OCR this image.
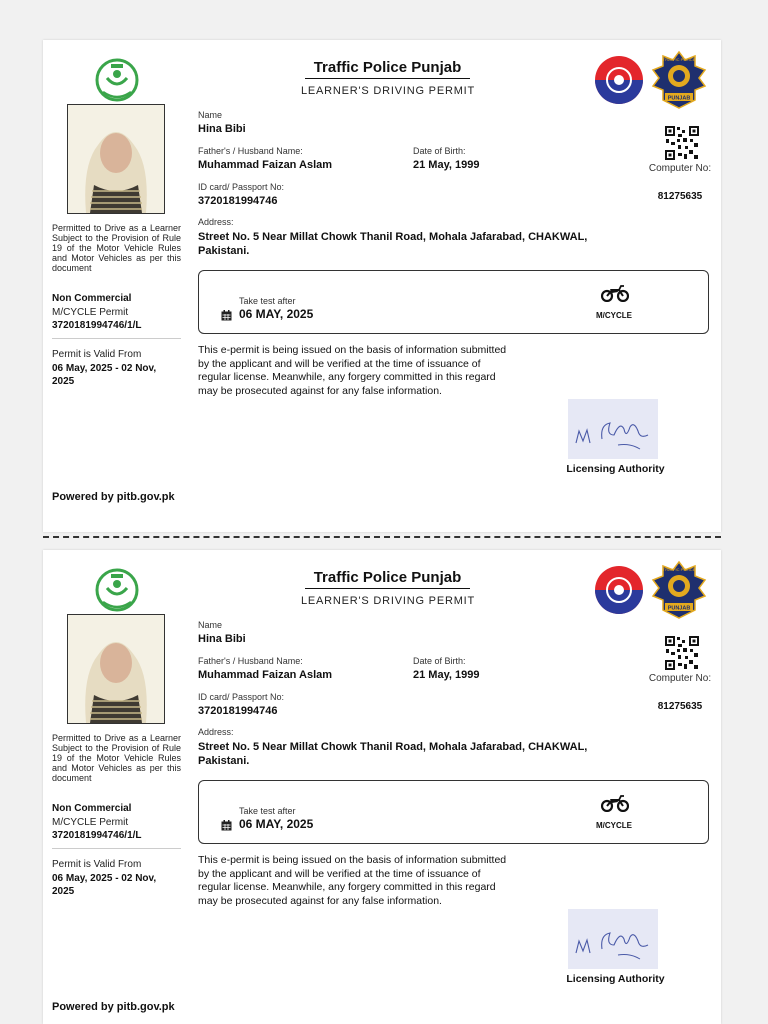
Permitted to Drive as a Learner Subject to the Provision of Rule 19 of the Motor Vehicle Rules and Motor Vehicles as per this document
Non Commercial
M/CYCLE Permit
3720181994746/1/L
Permit is Valid From
06 May, 2025 - 02 Nov, 2025
Powered by pitb.gov.pk
Traffic Police Punjab
LEARNER'S DRIVING PERMIT
TRAFFIC POLICE
PUNJAB
Name
Hina Bibi
Father's / Husband Name:
Muhammad Faizan Aslam
Date of Birth:
21 May, 1999
ID card/ Passport No:
3720181994746
Address:
Street No. 5 Near Millat Chowk Thanil Road, Mohala Jafarabad, CHAKWAL, Pakistani.
Computer No:
81275635
Take test after
06 MAY, 2025	M/CYCLE
This e-permit is being issued on the basis of information submitted by the applicant and will be verified at the time of issuance of regular license. Meanwhile, any forgery committed in this regard may be prosecuted against for any false information.
Licensing Authority
Permitted to Drive as a Learner Subject to the Provision of Rule 19 of the Motor Vehicle Rules and Motor Vehicles as per this document
Non Commercial
M/CYCLE Permit
3720181994746/1/L
Permit is Valid From
06 May, 2025 - 02 Nov, 2025
Powered by pitb.gov.pk
Traffic Police Punjab
LEARNER'S DRIVING PERMIT
TRAFFIC POLICE
PUNJAB
Name
Hina Bibi
Father's / Husband Name:
Muhammad Faizan Aslam
Date of Birth:
21 May, 1999
ID card/ Passport No:
3720181994746
Address:
Street No. 5 Near Millat Chowk Thanil Road, Mohala Jafarabad, CHAKWAL, Pakistani.
Computer No:
81275635
Take test after
06 MAY, 2025	M/CYCLE
This e-permit is being issued on the basis of information submitted by the applicant and will be verified at the time of issuance of regular license. Meanwhile, any forgery committed in this regard may be prosecuted against for any false information.
Licensing Authority
